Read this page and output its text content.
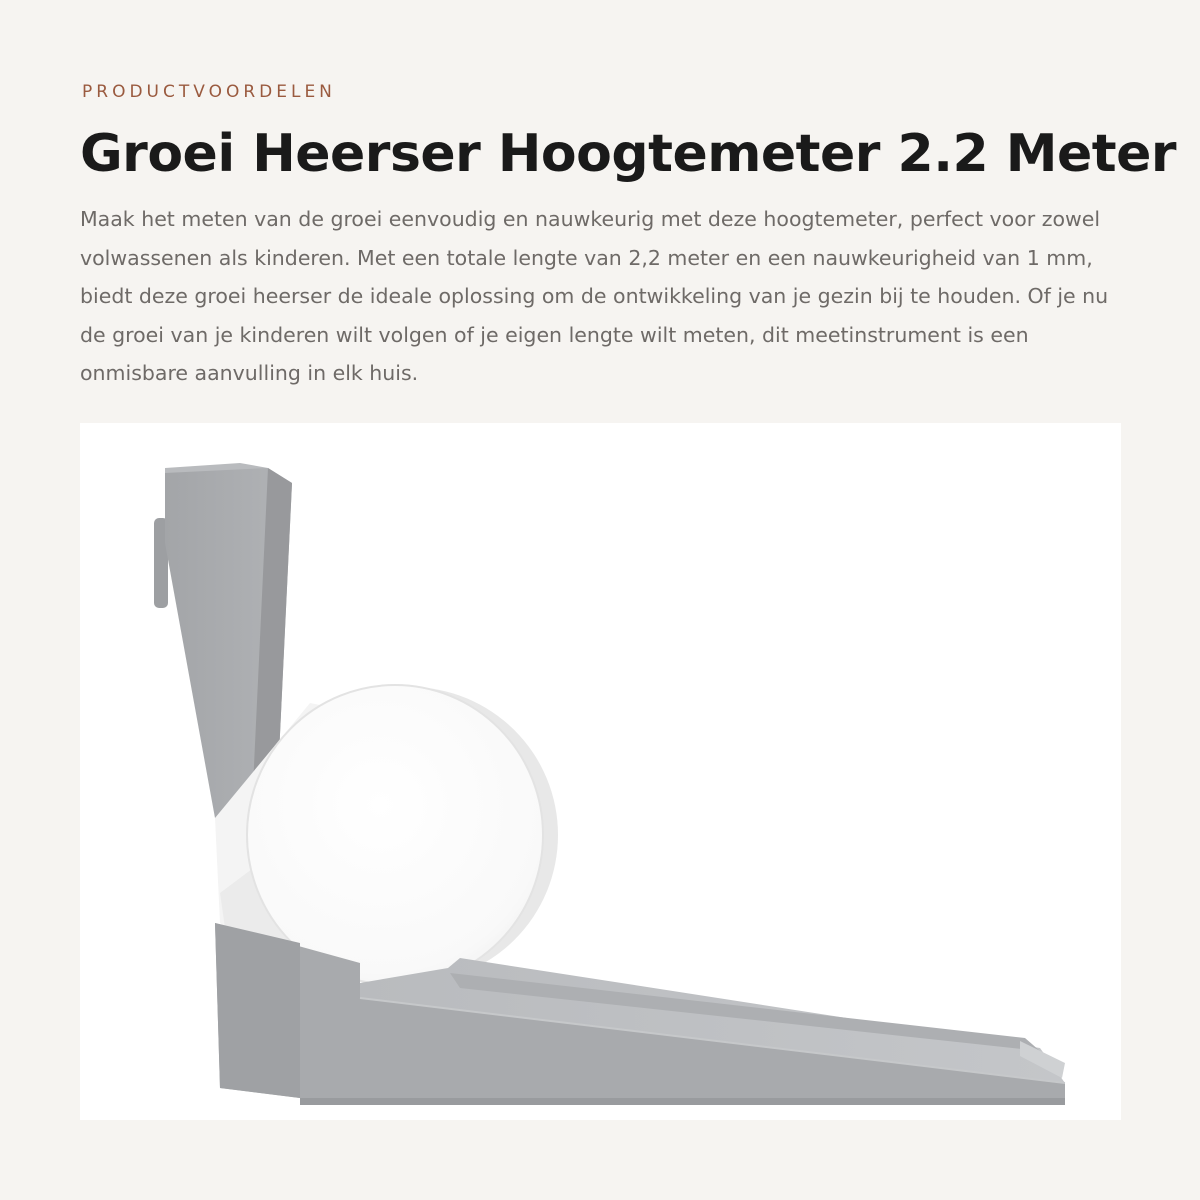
PRODUCTVOORDELEN
Groei Heerser Hoogtemeter 2.2 Meter

Maak het meten van de groei eenvoudig en nauwkeurig met deze hoogtemeter, perfect voor zowel volwassenen als kinderen. Met een totale lengte van 2,2 meter en een nauwkeurigheid van 1 mm, biedt deze groei heerser de ideale oplossing om de ontwikkeling van je gezin bij te houden. Of je nu de groei van je kinderen wilt volgen of je eigen lengte wilt meten, dit meetinstrument is een onmisbare aanvulling in elk huis.
